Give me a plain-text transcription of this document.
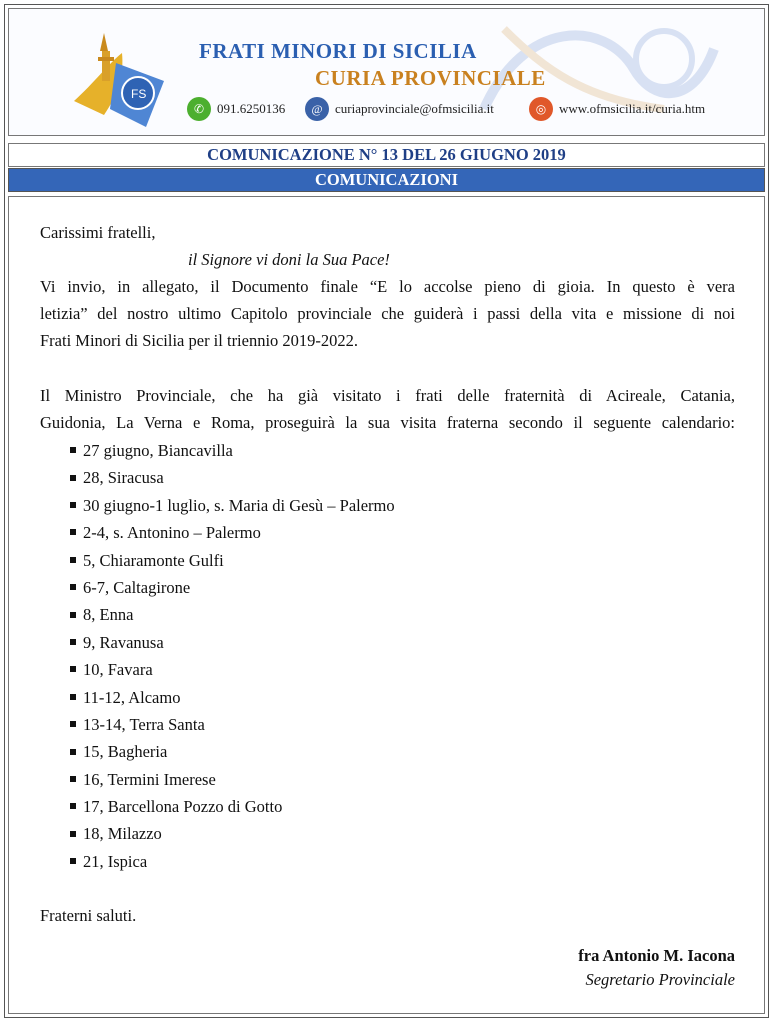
FS
FRATI MINORI DI SICILIA
CURIA PROVINCIALE
✆ 091.6250136	@ curiaprovinciale@ofmsicilia.it	◎ www.ofmsicilia.it/curia.htm
COMUNICAZIONE N° 13 DEL 26 GIUGNO 2019
COMUNICAZIONI
Carissimi fratelli,
il Signore vi doni la Sua Pace!
Vi invio, in allegato, il Documento finale “E lo accolse pieno di gioia. In questo è vera
letizia” del nostro ultimo Capitolo provinciale che guiderà i passi della vita e missione di noi
Frati Minori di Sicilia per il triennio 2019-2022.
Il Ministro Provinciale, che ha già visitato i frati delle fraternità di Acireale, Catania,
Guidonia, La Verna e Roma, proseguirà la sua visita fraterna secondo il seguente calendario:
27 giugno, Biancavilla
28, Siracusa
30 giugno-1 luglio, s. Maria di Gesù – Palermo
2-4, s. Antonino – Palermo
5, Chiaramonte Gulfi
6-7, Caltagirone
8, Enna
9, Ravanusa
10, Favara
11-12, Alcamo
13-14, Terra Santa
15, Bagheria
16, Termini Imerese
17, Barcellona Pozzo di Gotto
18, Milazzo
21, Ispica
Fraterni saluti.
fra Antonio M. Iacona
Segretario Provinciale
